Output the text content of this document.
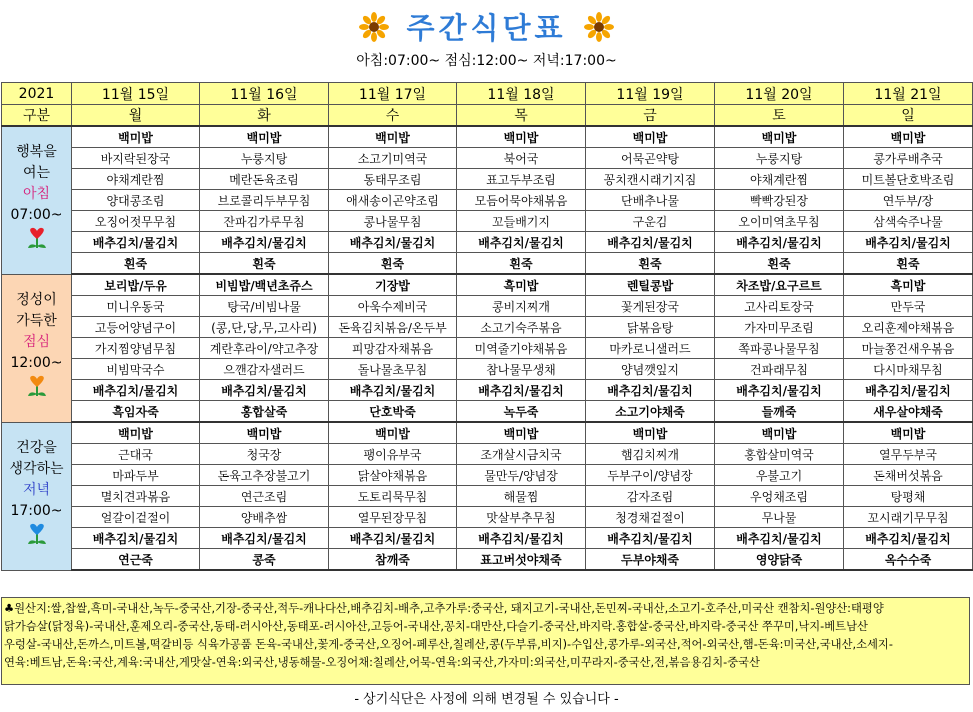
주간식단표
아침:07:00~ 점심:12:00~ 저녁:17:00~
2021	11월 15일	11월 16일	11월 17일	11월 18일	11월 19일	11월 20일	11월 21일
구분	월	화	수	목	금	토	일

행복을
여는
아침
07:00~	백미밥	백미밥	백미밥	백미밥	백미밥	백미밥	백미밥
	바지락된장국	누룽지탕	소고기미역국	북어국	어묵곤약탕	누룽지탕	콩가루배추국
	야채계란찜	메란돈육조림	동태무조림	표고두부조림	꽁치캔시래기지짐	야채계란찜	미트볼단호박조림
	양대콩조림	브로콜리두부무침	애새송이곤약조림	모듬어묵야채볶음	단배추나물	빡빡강된장	연두부/장
	오징어젓무무침	잔파김가루무침	콩나물무침	꼬들배기지	구운김	오이미역초무침	삼색숙주나물
	배추김치/물김치	배추김치/물김치	배추김치/물김치	배추김치/물김치	배추김치/물김치	배추김치/물김치	배추김치/물김치
	흰죽	흰죽	흰죽	흰죽	흰죽	흰죽	흰죽

정성이
가득한
점심
12:00~	보리밥/두유	비빔밥/백년초쥬스	기장밥	흑미밥	렌틸콩밥	차조밥/요구르트	흑미밥
	미니우동국	탕국/비빔나물	아욱수제비국	콩비지찌개	꽃게된장국	고사리토장국	만두국
	고등어양념구이	(콩,단,당,무,고사리)	돈육김치볶음/온두부	소고기숙주볶음	닭볶음탕	가자미무조림	오리훈제야채볶음
	가지찜양념무침	계란후라이/약고추장	피망감자채볶음	미역줄기야채볶음	마카로니샐러드	쪽파콩나물무침	마늘쫑건새우볶음
	비빔막국수	으깬감자샐러드	돌나물초무침	참나물무생채	양념깻잎지	건파래무침	다시마채무침
	배추김치/물김치	배추김치/물김치	배추김치/물김치	배추김치/물김치	배추김치/물김치	배추김치/물김치	배추김치/물김치
	흑임자죽	홍합살죽	단호박죽	녹두죽	소고기야채죽	들깨죽	새우살야채죽

건강을
생각하는
저녁
17:00~	백미밥	백미밥	백미밥	백미밥	백미밥	백미밥	백미밥
	근대국	청국장	팽이유부국	조개살시금치국	햄김치찌개	홍합살미역국	열무두부국
	마파두부	돈육고추장불고기	닭살야채볶음	물만두/양념장	두부구이/양념장	우불고기	돈채버섯볶음
	멸치견과볶음	연근조림	도토리묵무침	해물찜	감자조림	우엉채조림	탕평채
	얼갈이겉절이	양배추쌈	열무된장무침	맛살부추무침	청경채겉절이	무나물	꼬시래기무무침
	배추김치/물김치	배추김치/물김치	배추김치/물김치	배추김치/물김치	배추김치/물김치	배추김치/물김치	배추김치/물김치
	연근죽	콩죽	참깨죽	표고버섯야채죽	두부야채죽	영양닭죽	옥수수죽
♣원산지:쌀,찹쌀,흑미-국내산,녹두-중국산,기장-중국산,적두-캐나다산,배추김치-배추,고추가루:중국산, 돼지고기-국내산,돈민찌-국내산,소고기-호주산,미국산 캔참치-원양산:태평양
닭가슴살(닭정육)-국내산,훈제오리-중국산,동태-러시아산,동태포-러시아산,고등어-국내산,꽁치-대만산,다슬기-중국산,바지락.홍합살-중국산,바지락-중국산 쭈꾸미,낙지-베트남산
우렁살-국내산,돈까스,미트볼,떡갈비등 식육가공품 돈육-국내산,꽃게-중국산,오징어-페루산,칠레산,콩(두부류,비지)-수입산,콩가루-외국산,적어-외국산,햄-돈육:미국산,국내산,소세지-
연육:베트남,돈육:국산,계육:국내산,게맛살-연육:외국산,냉동해물-오징어채:칠레산,어묵-연육:외국산,가자미:외국산,미꾸라지-중국산,전,볶음용김치-중국산
- 상기식단은 사정에 의해 변경될 수 있습니다 -
